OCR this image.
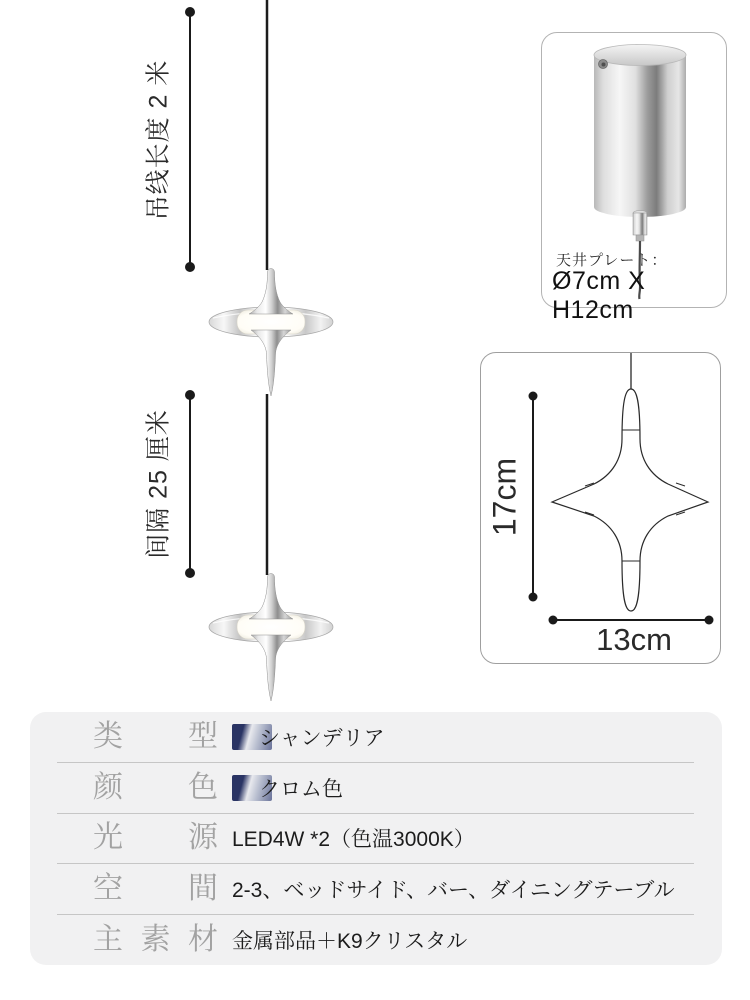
吊线长度 2 米
间隔 25 厘米
天井プレート：
Ø7cm X H12cm
17cm
13cm
类型 シャンデリア
颜色 クロム色
光源 LED4W *2（色温3000K）
空間 2-3、ベッドサイド、バー、ダイニングテーブル
主素材 金属部品＋K9クリスタル
